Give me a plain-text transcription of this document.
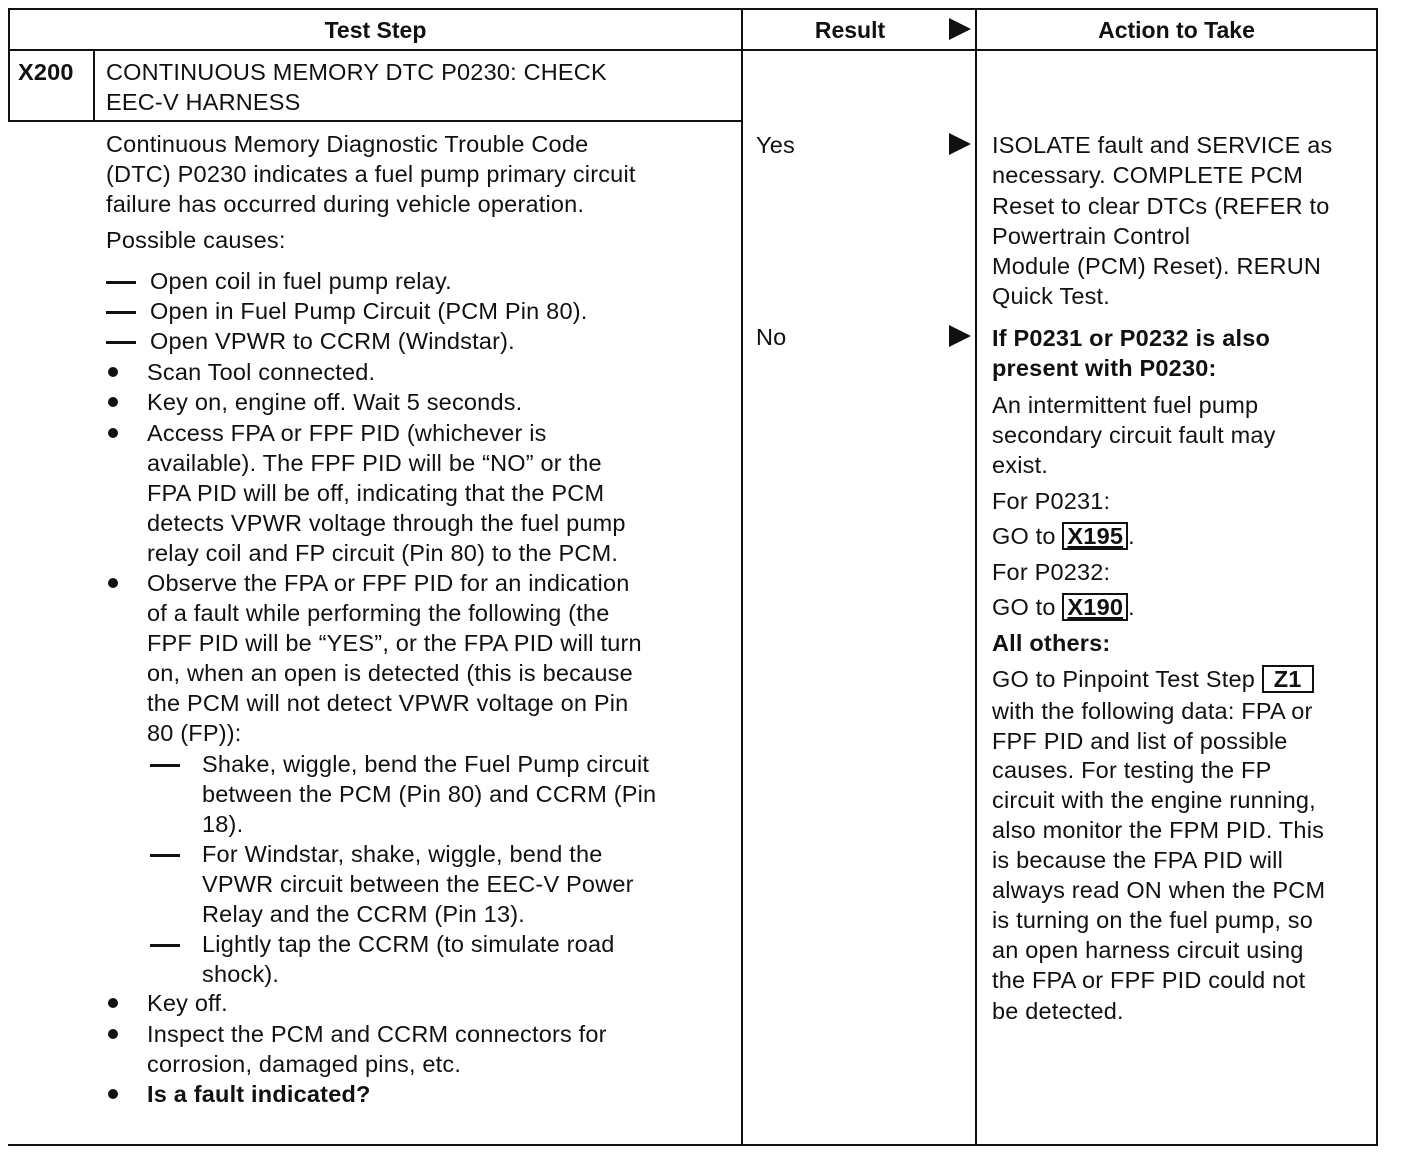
Test Step	Result	Action to Take
X200 CONTINUOUS MEMORY DTC P0230: CHECK
EEC-V HARNESS
Continuous Memory Diagnostic Trouble Code
(DTC) P0230 indicates a fuel pump primary circuit
failure has occurred during vehicle operation.
Possible causes:
Open coil in fuel pump relay.
Open in Fuel Pump Circuit (PCM Pin 80).
Open VPWR to CCRM (Windstar).
Scan Tool connected.
Key on, engine off. Wait 5 seconds.
Access FPA or FPF PID (whichever is
available). The FPF PID will be “NO” or the
FPA PID will be off, indicating that the PCM
detects VPWR voltage through the fuel pump
relay coil and FP circuit (Pin 80) to the PCM.
Observe the FPA or FPF PID for an indication
of a fault while performing the following (the
FPF PID will be “YES”, or the FPA PID will turn
on, when an open is detected (this is because
the PCM will not detect VPWR voltage on Pin
80 (FP)):
Shake, wiggle, bend the Fuel Pump circuit
between the PCM (Pin 80) and CCRM (Pin
18).
For Windstar, shake, wiggle, bend the
VPWR circuit between the EEC-V Power
Relay and the CCRM (Pin 13).
Lightly tap the CCRM (to simulate road
shock).
Key off.
Inspect the PCM and CCRM connectors for
corrosion, damaged pins, etc.
Is a fault indicated?
Yes
No
ISOLATE fault and SERVICE as
necessary. COMPLETE PCM
Reset to clear DTCs (REFER to
Powertrain Control
Module (PCM) Reset). RERUN
Quick Test.
If P0231 or P0232 is also
present with P0230:
An intermittent fuel pump
secondary circuit fault may
exist.
For P0231:
GO to X195 .
For P0232:
GO to X190 .
All others:
GO to Pinpoint Test Step Z1
with the following data: FPA or
FPF PID and list of possible
causes. For testing the FP
circuit with the engine running,
also monitor the FPM PID. This
is because the FPA PID will
always read ON when the PCM
is turning on the fuel pump, so
an open harness circuit using
the FPA or FPF PID could not
be detected.
